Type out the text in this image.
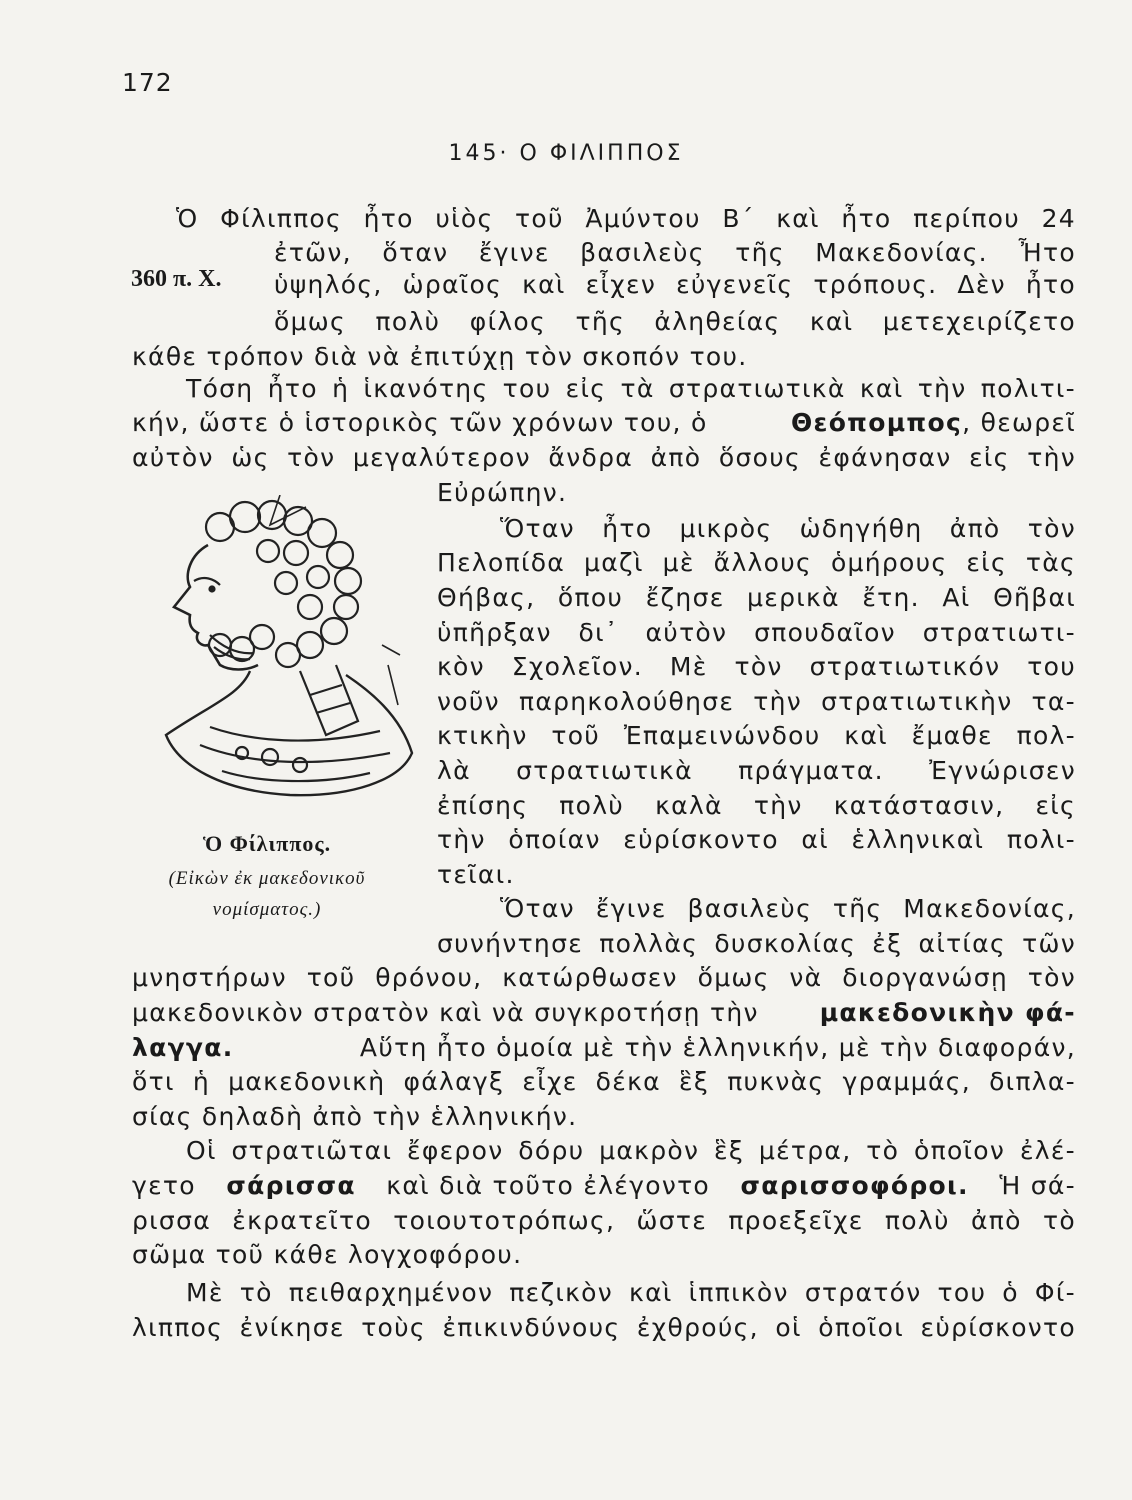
172
145· Ο ΦΙΛΙΠΠΟΣ
Ὁ Φίλιππος ἦτο υἱὸς τοῦ Ἀμύντου Β΄ καὶ ἦτο περίπου 24
ἐτῶν, ὅταν ἔγινε βασιλεὺς τῆς Μακεδονίας. Ἦτο
360 π. Χ. ὑψηλός, ὡραῖος καὶ εἶχεν εὐγενεῖς τρόπους. Δὲν ἦτο
ὅμως πολὺ φίλος τῆς ἀληθείας καὶ μετεχειρίζετο
κάθε τρόπον διὰ νὰ ἐπιτύχῃ τὸν σκοπόν του.
Τόση ἦτο ἡ ἱκανότης του εἰς τὰ στρατιωτικὰ καὶ τὴν πολιτι-
κήν, ὥστε ὁ ἱστορικὸς τῶν χρόνων του, ὁ	Θεόπομπος, θεωρεῖ
αὐτὸν ὡς τὸν μεγαλύτερον ἄνδρα ἀπὸ ὅσους ἐφάνησαν εἰς τὴν
Εὐρώπην.
Ὁ Φίλιππος.
(Εἰκὼν ἐκ μακεδονικοῦ
νομίσματος.)
Ὅταν ἦτο μικρὸς ὡδηγήθη ἀπὸ τὸν
Πελοπίδα μαζὶ μὲ ἄλλους ὁμήρους εἰς τὰς
Θήβας, ὅπου ἔζησε μερικὰ ἔτη. Αἱ Θῆβαι
ὑπῆρξαν δι᾽ αὐτὸν σπουδαῖον στρατιωτι-
κὸν Σχολεῖον. Μὲ τὸν στρατιωτικόν του
νοῦν παρηκολούθησε τὴν στρατιωτικὴν τα-
κτικὴν τοῦ Ἐπαμεινώνδου καὶ ἔμαθε πολ-
λὰ στρατιωτικὰ πράγματα. Ἐγνώρισεν
ἐπίσης πολὺ καλὰ τὴν κατάστασιν, εἰς
τὴν ὁποίαν εὑρίσκοντο αἱ ἑλληνικαὶ πολι-
τεῖαι.
Ὅταν ἔγινε βασιλεὺς τῆς Μακεδονίας,
συνήντησε πολλὰς δυσκολίας ἐξ αἰτίας τῶν
μνηστήρων τοῦ θρόνου, κατώρθωσεν ὅμως νὰ διοργανώσῃ τὸν
μακεδονικὸν στρατὸν καὶ νὰ συγκροτήσῃ τὴν μακεδονικὴν φά-
λαγγα.	Αὕτη ἦτο ὁμοία μὲ τὴν ἑλληνικήν, μὲ τὴν διαφοράν,
ὅτι ἡ μακεδονικὴ φάλαγξ εἶχε δέκα ἓξ πυκνὰς γραμμάς, διπλα-
σίας δηλαδὴ ἀπὸ τὴν ἑλληνικήν.
Οἱ στρατιῶται ἔφερον δόρυ μακρὸν ἓξ μέτρα, τὸ ὁποῖον ἐλέ-
γετο σάρισσα καὶ διὰ τοῦτο ἐλέγοντο σαρισσοφόροι. Ἡ σά-
ρισσα ἐκρατεῖτο τοιουτοτρόπως, ὥστε προεξεῖχε πολὺ ἀπὸ τὸ
σῶμα τοῦ κάθε λογχοφόρου.
Μὲ τὸ πειθαρχημένον πεζικὸν καὶ ἱππικὸν στρατόν του ὁ Φί-
λιππος ἐνίκησε τοὺς ἐπικινδύνους ἐχθρούς, οἱ ὁποῖοι εὑρίσκοντο
